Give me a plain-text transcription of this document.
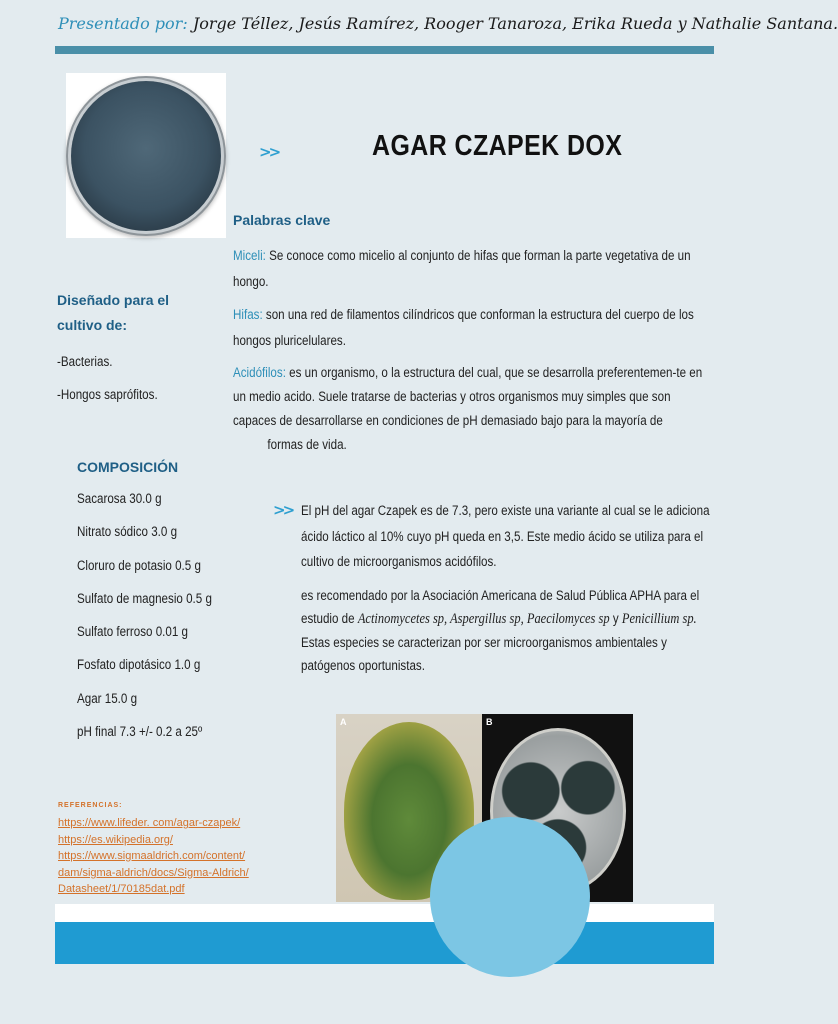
Presentado por: Jorge Téllez, Jesús Ramírez, Rooger Tanaroza, Erika Rueda y Nathalie Santana.
>>	AGAR CZAPEK DOX
Palabras clave
Miceli: Se conoce como micelio al conjunto de hifas que forman la parte vegetativa de un hongo.
Hifas: son una red de filamentos cilíndricos que conforman la estructura del cuerpo de los hongos pluricelulares.
Acidófilos: es un organismo, o la estructura del cual, que se desarrolla preferentemen-te en un medio acido. Suele tratarse de bacterias y otros organismos muy simples que son capaces de desarrollarse en condiciones de pH demasiado bajo para la mayoría de
formas de vida.
Diseñado para el cultivo de:
-Bacterias.
-Hongos saprófitos.
COMPOSICIÓN
Sacarosa 30.0 g
Nitrato sódico 3.0 g
Cloruro de potasio 0.5 g
Sulfato de magnesio 0.5 g
Sulfato ferroso 0.01 g
Fosfato dipotásico 1.0 g
Agar 15.0 g
pH final 7.3 +/- 0.2 a 25º
>> El pH del agar Czapek es de 7.3, pero existe una variante al cual se le adiciona ácido láctico al 10% cuyo pH queda en 3,5. Este medio ácido se utiliza para el cultivo de microorganismos acidófilos.
es recomendado por la Asociación Americana de Salud Pública APHA para el estudio de Actinomycetes sp, Aspergillus sp, Paecilomyces sp y Penicillium sp. Estas especies se caracterizan por ser microorganismos ambientales y patógenos oportunistas.
REFERENCIAS:
https://www.lifeder. com/agar-czapek/
https://es.wikipedia.org/
https://www.sigmaaldrich.com/content/
dam/sigma-aldrich/docs/Sigma-Aldrich/
Datasheet/1/70185dat.pdf
A	B
